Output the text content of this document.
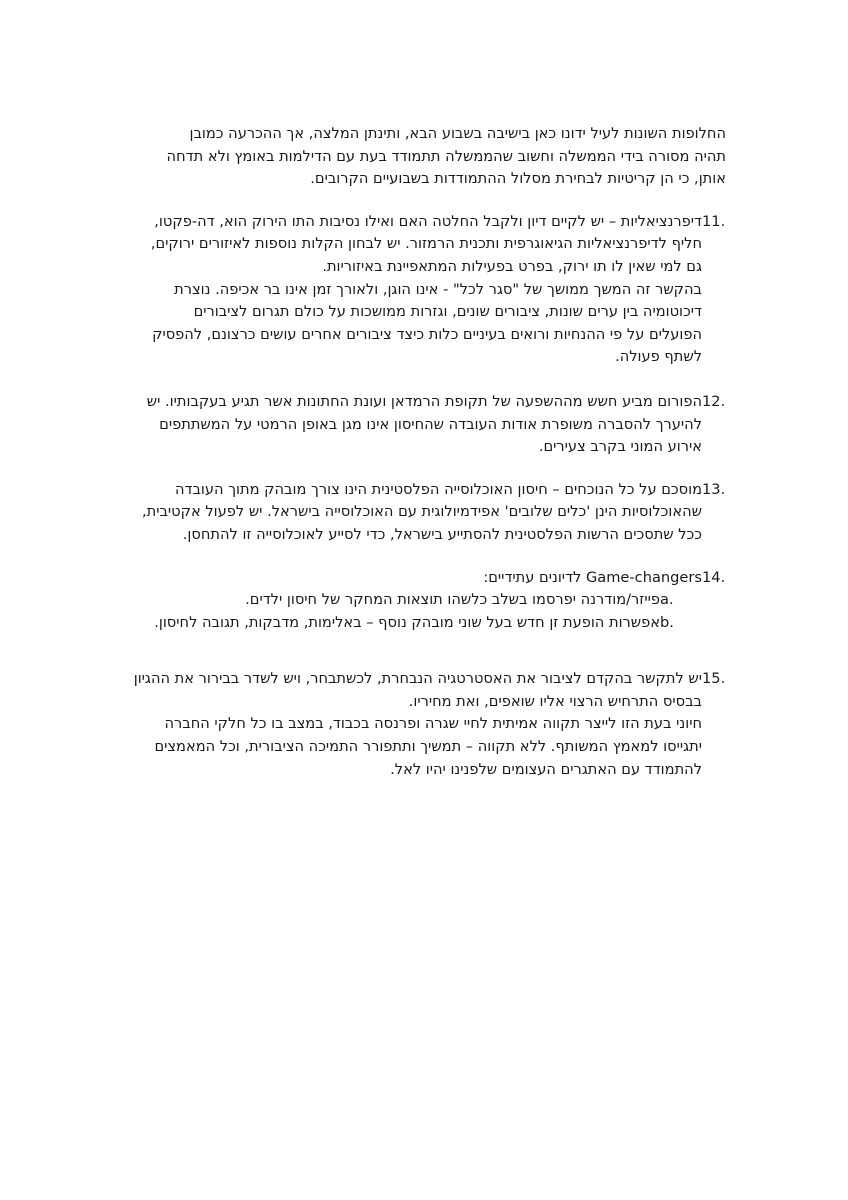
החלופות השונות לעיל ידונו כאן בישיבה בשבוע הבא, ותינתן המלצה, אך ההכרעה כמובן
תהיה מסורה בידי הממשלה וחשוב שהממשלה תתמודד בעת עם הדילמות באומץ ולא תדחה
אותן, כי הן קריטיות לבחירת מסלול ההתמודדות בשבועיים הקרובים.

11.
דיפרנציאליות – יש לקיים דיון ולקבל החלטה האם ואילו נסיבות התו הירוק הוא, דה-פקטו,
חליף לדיפרנציאליות הגיאוגרפית ותכנית הרמזור. יש לבחון הקלות נוספות לאיזורים ירוקים,
גם למי שאין לו תו ירוק, בפרט בפעילות המתאפיינת באיזוריות.
בהקשר זה המשך ממושך של "סגר לכל" - אינו הוגן, ולאורך זמן אינו בר אכיפה. נוצרת
דיכוטומיה בין ערים שונות, ציבורים שונים, וגזרות ממושכות על כולם תגרום לציבורים
הפועלים על פי ההנחיות ורואים בעיניים כלות כיצד ציבורים אחרים עושים כרצונם, להפסיק
לשתף פעולה.
12.
הפורום מביע חשש מההשפעה של תקופת הרמדאן ועונת החתונות אשר תגיע בעקבותיו. יש
להיערך להסברה משופרת אודות העובדה שהחיסון אינו מגן באופן הרמטי על המשתתפים
אירוע המוני בקרב צעירים.
13.
מוסכם על כל הנוכחים – חיסון האוכלוסייה הפלסטינית הינו צורך מובהק מתוך העובדה
שהאוכלוסיות הינן 'כלים שלובים' אפידמיולוגית עם האוכלוסייה בישראל. יש לפעול אקטיבית,
ככל שתסכים הרשות הפלסטינית להסתייע בישראל, כדי לסייע לאוכלוסייה זו להתחסן.
14.
Game-changers לדיונים עתידיים:
a.
פייזר/מודרנה יפרסמו בשלב כלשהו תוצאות המחקר של חיסון ילדים.
b.
אפשרות הופעת זן חדש בעל שוני מובהק נוסף – באלימות, מדבקות, תגובה לחיסון.
15.
יש לתקשר בהקדם לציבור את האסטרטגיה הנבחרת, לכשתבחר, ויש לשדר בבירור את ההגיון
בבסיס התרחיש הרצוי אליו שואפים, ואת מחיריו.
חיוני בעת הזו לייצר תקווה אמיתית לחיי שגרה ופרנסה בכבוד, במצב בו כל חלקי החברה
יתגייסו למאמץ המשותף. ללא תקווה – תמשיך ותתפורר התמיכה הציבורית, וכל המאמצים
להתמודד עם האתגרים העצומים שלפנינו יהיו לאל.
